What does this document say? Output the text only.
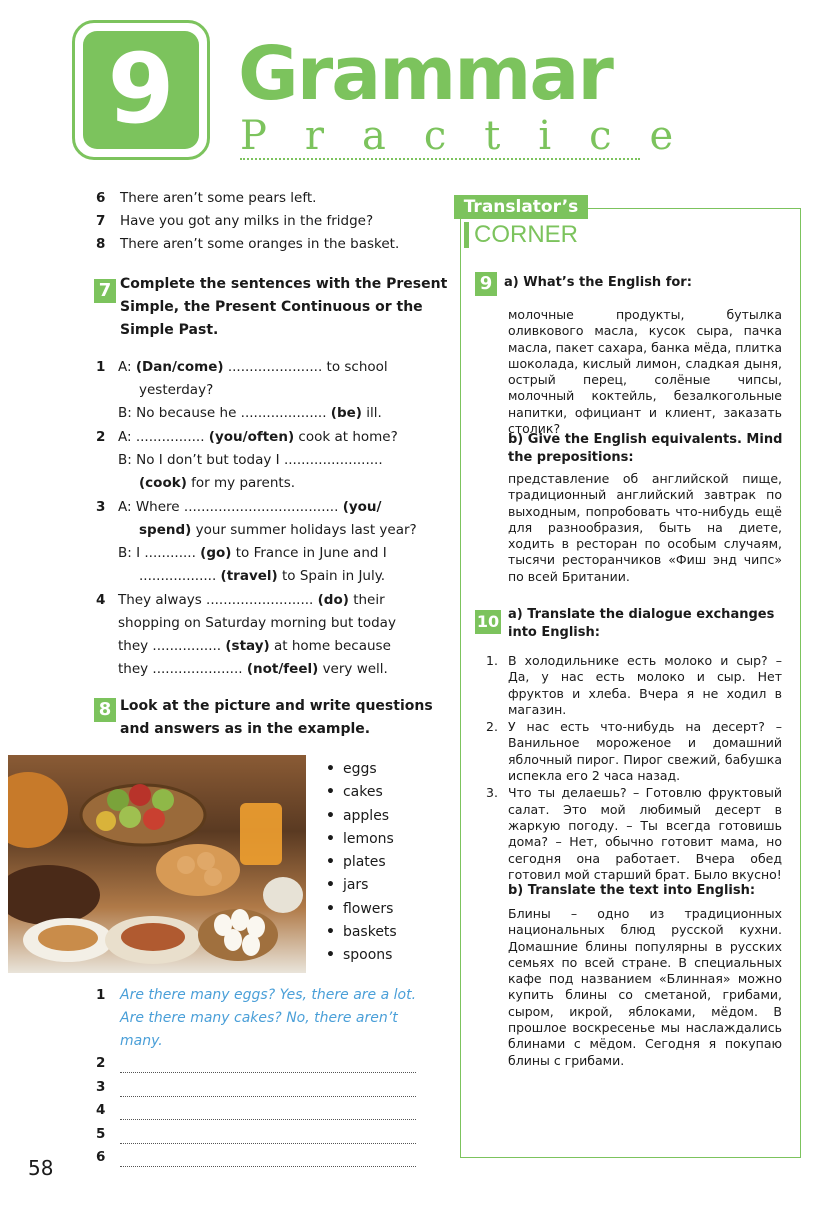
9 Grammar
Practice
6 There aren’t some pears left.
7 Have you got any milks in the fridge?
8 There aren’t some oranges in the basket.
7 Complete the sentences with the Present
Simple, the Present Continuous or the
Simple Past.
1 A: (Dan/come) ...................... to school
yesterday?
B: No because he .................... (be) ill.
2 A: ................ (you/often) cook at home?
B: No I don’t but today I .......................
(cook) for my parents.
3 A: Where .................................... (you/
spend) your summer holidays last year?
B: I ............ (go) to France in June and I
.................. (travel) to Spain in July.
4 They always ......................... (do) their
shopping on Saturday morning but today
they ................ (stay) at home because
they ..................... (not/feel) very well.
8 Look at the picture and write questions
and answers as in the example.
• eggs
• cakes
• apples
• lemons
• plates
• jars
• flowers
• baskets
• spoons
1 Are there many eggs? Yes, there are a lot.
Are there many cakes? No, there aren’t
many.
2
3
4
5
6
58
Translator’s
CORNER
9 a) What’s the English for:
молочные продукты, бутылка оливкового масла, кусок сыра, пачка масла, пакет сахара, банка мёда, плитка шоколада, кислый лимон, сладкая дыня, острый перец, солёные чипсы, молочный коктейль, безалкогольные напитки, официант и клиент, заказать столик?
b) Give the English equivalents. Mind
the prepositions:
представление об английской пище, традиционный английский завтрак по выходным, попробовать что-нибудь ещё для разнообразия, быть на диете, ходить в ресторан по особым случаям, тысячи ресторанчиков «Фиш энд чипс» по всей Британии.
10 a) Translate the dialogue exchanges
into English:
1. В холодильнике есть молоко и сыр? – Да, у нас есть молоко и сыр. Нет фруктов и хлеба. Вчера я не ходил в магазин.
2. У нас есть что-нибудь на десерт? – Ванильное мороженое и домашний яблочный пирог. Пирог свежий, бабушка испекла его 2 часа назад.
3. Что ты делаешь? – Готовлю фруктовый салат. Это мой любимый десерт в жаркую погоду. – Ты всегда готовишь дома? – Нет, обычно готовит мама, но сегодня она работает. Вчера обед готовил мой старший брат. Было вкусно!
b) Translate the text into English:
Блины – одно из традиционных национальных блюд русской кухни. Домашние блины популярны в русских семьях по всей стране. В специальных кафе под названием «Блинная» можно купить блины со сметаной, грибами, сыром, икрой, яблоками, мёдом. В прошлое воскресенье мы наслаждались блинами с мёдом. Сегодня я покупаю блины с грибами.
